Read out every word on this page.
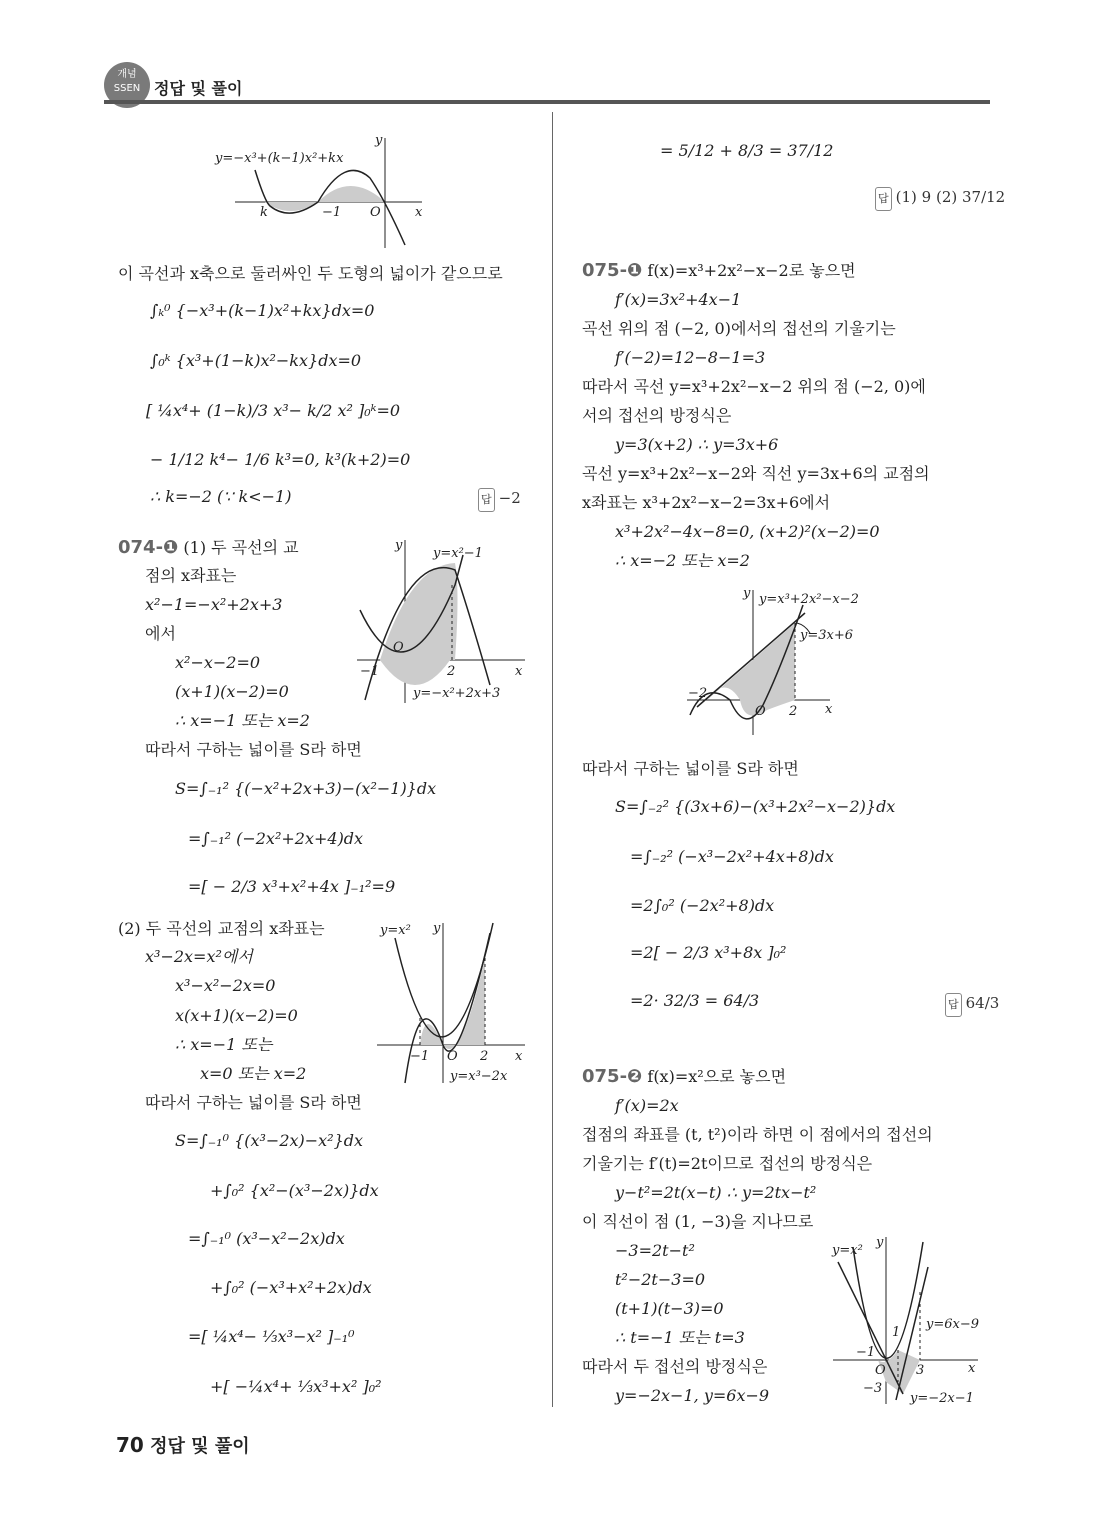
개념
SSEN 정답 및 풀이
y=−x³+(k−1)x²+kx
y
x
k	−1 O
이 곡선과 x축으로 둘러싸인 두 도형의 넓이가 같으므로
∫ₖ⁰ {−x³+(k−1)x²+kx}dx=0
∫₀ᵏ {x³+(1−k)x²−kx}dx=0
[ ¼x⁴+ (1−k)/3 x³− k/2 x² ]₀ᵏ=0
− 1/12 k⁴− 1/6 k³=0, k³(k+2)=0
∴ k=−2 (∵ k<−1)	답 −2
074-❶ (1) 두 곡선의 교
점의 x좌표는
x²−1=−x²+2x+3
에서
x²−x−2=0
(x+1)(x−2)=0
∴ x=−1 또는 x=2
따라서 구하는 넓이를 S라 하면
S=∫₋₁² {(−x²+2x+3)−(x²−1)}dx
=∫₋₁² (−2x²+2x+4)dx
=[ − 2/3 x³+x²+4x ]₋₁²=9
y
x
y=x²−1
y=−x²+2x+3
O
−1	2
(2) 두 곡선의 교점의 x좌표는
x³−2x=x²에서
x³−x²−2x=0
x(x+1)(x−2)=0
∴ x=−1 또는
x=0 또는 x=2
따라서 구하는 넓이를 S라 하면
S=∫₋₁⁰ {(x³−2x)−x²}dx
+∫₀² {x²−(x³−2x)}dx
=∫₋₁⁰ (x³−x²−2x)dx
+∫₀² (−x³+x²+2x)dx
=[ ¼x⁴− ⅓x³−x² ]₋₁⁰
+[ −¼x⁴+ ⅓x³+x² ]₀²
y=x² y
x
y=x³−2x
O
−1	2
= 5/12 + 8/3 = 37/12
답 (1) 9 (2) 37/12
075-❶ f(x)=x³+2x²−x−2로 놓으면
f′(x)=3x²+4x−1
곡선 위의 점 (−2, 0)에서의 접선의 기울기는
f′(−2)=12−8−1=3
따라서 곡선 y=x³+2x²−x−2 위의 점 (−2, 0)에
서의 접선의 방정식은
y=3(x+2) ∴ y=3x+6
곡선 y=x³+2x²−x−2와 직선 y=3x+6의 교점의
x좌표는 x³+2x²−x−2=3x+6에서
x³+2x²−4x−8=0, (x+2)²(x−2)=0
∴ x=−2 또는 x=2
y
x
y=x³+2x²−x−2
y=3x+6
−2
O 2
따라서 구하는 넓이를 S라 하면
S=∫₋₂² {(3x+6)−(x³+2x²−x−2)}dx
=∫₋₂² (−x³−2x²+4x+8)dx
=2∫₀² (−2x²+8)dx
=2[ − 2/3 x³+8x ]₀²
=2· 32/3 = 64/3	답 64/3
075-❷ f(x)=x²으로 놓으면
f′(x)=2x
접점의 좌표를 (t, t²)이라 하면 이 점에서의 접선의
기울기는 f′(t)=2t이므로 접선의 방정식은
y−t²=2t(x−t) ∴ y=2tx−t²
이 직선이 점 (1, −3)을 지나므로
−3=2t−t²
t²−2t−3=0
(t+1)(t−3)=0
∴ t=−1 또는 t=3
따라서 두 접선의 방정식은
y=−2x−1, y=6x−9
y=x²
y
x
y=6x−9
y=−2x−1
−1
1
O 3
−3
70 정답 및 풀이
